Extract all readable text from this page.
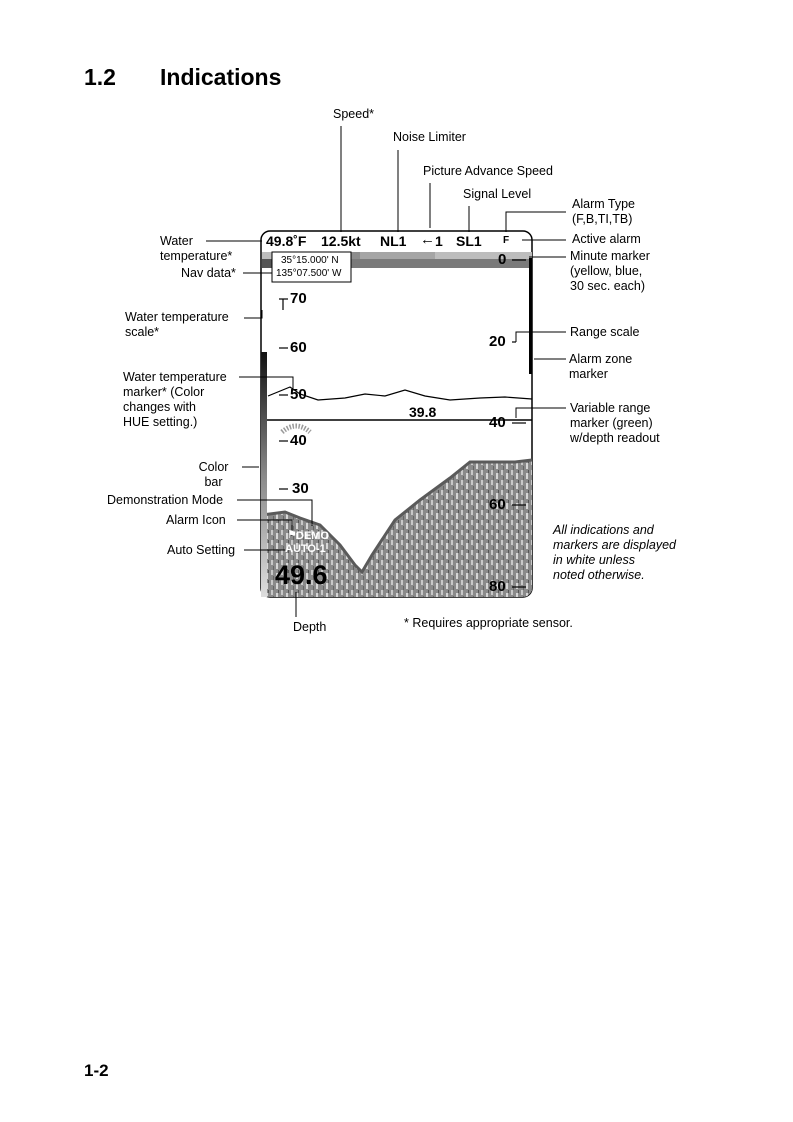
1.2 Indications
49.8˚F 12.5kt NL1 ← 1 SL1 F
35°15.000' N
135°07.500' W
70
60
50
40
30
0
20
40
60
80
39.8
⚑ DEMO
AUTO-1
49.6
Speed*
Noise Limiter
Picture Advance Speed
Signal Level
Alarm Type
(F,B,TI,TB)
Water
temperature*
Nav data*
Active alarm
Minute marker
(yellow, blue,
30 sec. each)
Water temperature
scale*	Range scale
Alarm zone
marker
Water temperature
marker* (Color
changes with
HUE setting.)
Variable range
marker (green)
w/depth readout
Color
bar
Demonstration Mode
Alarm Icon
Auto Setting
Depth	* Requires appropriate sensor.
All indications and
markers are displayed
in white unless
noted otherwise.
1-2
